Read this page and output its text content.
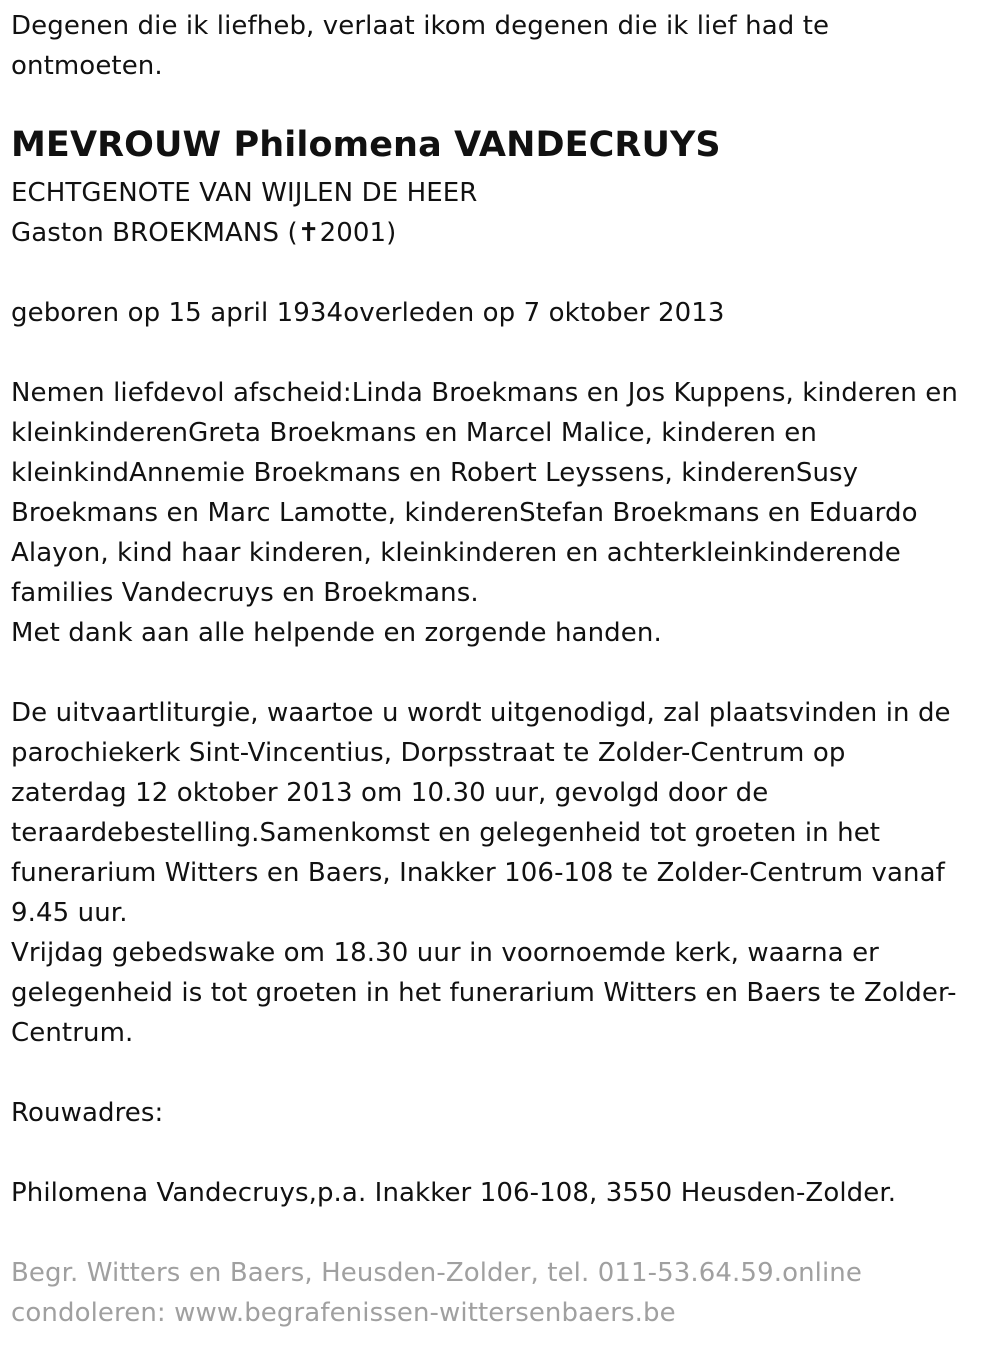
Degenen die ik liefheb, verlaat ikom degenen die ik lief had te
ontmoeten.
MEVROUW Philomena VANDECRUYS
ECHTGENOTE VAN WIJLEN DE HEER
Gaston BROEKMANS (✝2001)
geboren op 15 april 1934overleden op 7 oktober 2013
Nemen liefdevol afscheid:Linda Broekmans en Jos Kuppens, kinderen en
kleinkinderenGreta Broekmans en Marcel Malice, kinderen en
kleinkindAnnemie Broekmans en Robert Leyssens, kinderenSusy
Broekmans en Marc Lamotte, kinderenStefan Broekmans en Eduardo
Alayon, kind haar kinderen, kleinkinderen en achterkleinkinderende
families Vandecruys en Broekmans.
Met dank aan alle helpende en zorgende handen.
De uitvaartliturgie, waartoe u wordt uitgenodigd, zal plaatsvinden in de
parochiekerk Sint-Vincentius, Dorpsstraat te Zolder-Centrum op
zaterdag 12 oktober 2013 om 10.30 uur, gevolgd door de
teraardebestelling.Samenkomst en gelegenheid tot groeten in het
funerarium Witters en Baers, Inakker 106-108 te Zolder-Centrum vanaf
9.45 uur.
Vrijdag gebedswake om 18.30 uur in voornoemde kerk, waarna er
gelegenheid is tot groeten in het funerarium Witters en Baers te Zolder-
Centrum.
Rouwadres:
Philomena Vandecruys,p.a. Inakker 106-108, 3550 Heusden-Zolder.
Begr. Witters en Baers, Heusden-Zolder, tel. 011-53.64.59.online
condoleren: www.begrafenissen-wittersenbaers.be
